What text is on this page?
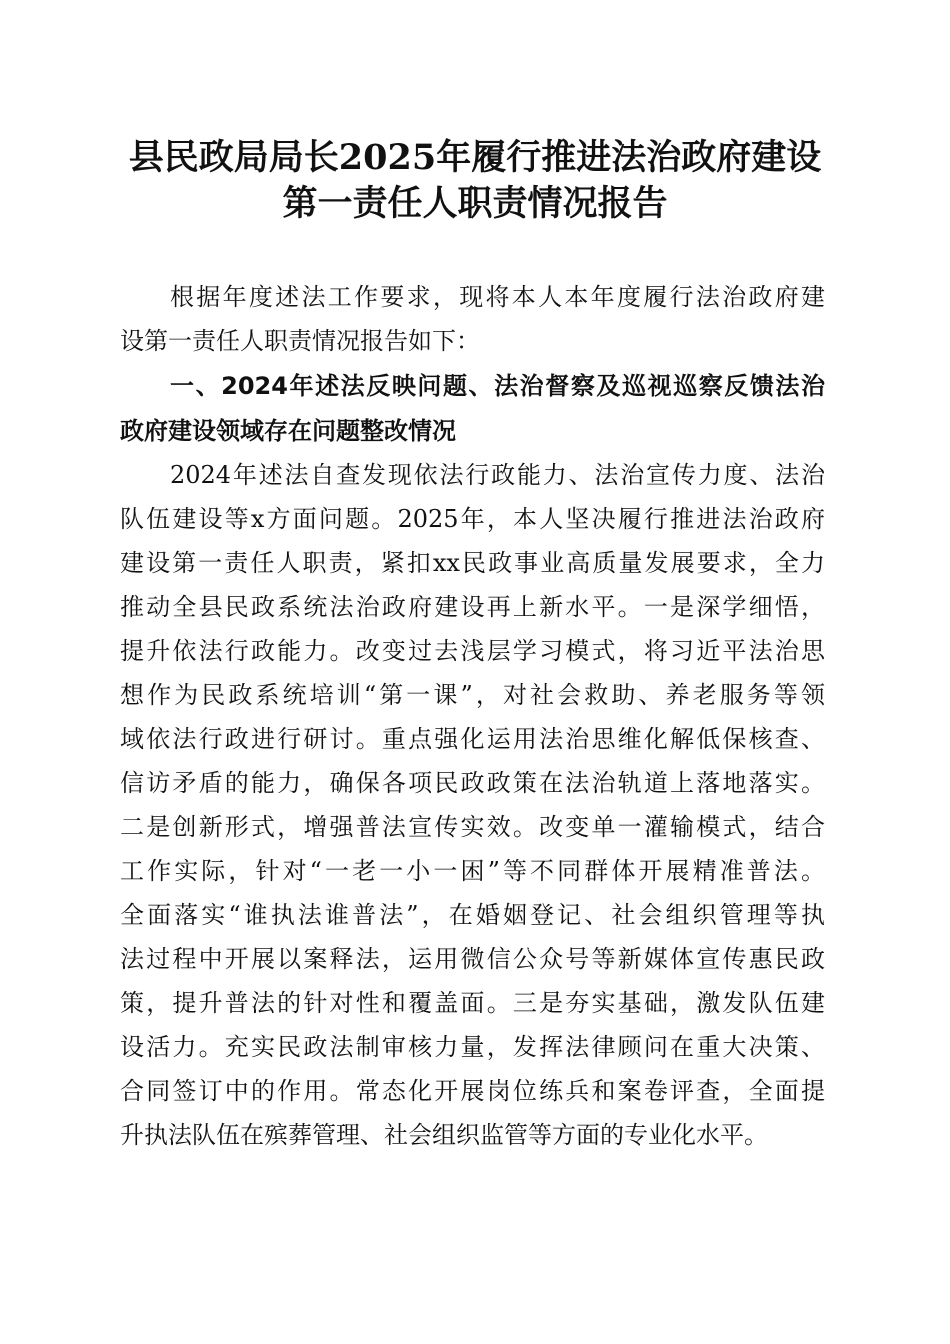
县民政局局长2025年履行推进法治政府建设
第一责任人职责情况报告
根据年度述法工作要求，现将本人本年度履行法治政府建
设第一责任人职责情况报告如下：
一、2024年述法反映问题、法治督察及巡视巡察反馈法治
政府建设领域存在问题整改情况
2024年述法自查发现依法行政能力、法治宣传力度、法治
队伍建设等x方面问题。2025年，本人坚决履行推进法治政府
建设第一责任人职责，紧扣xx民政事业高质量发展要求，全力
推动全县民政系统法治政府建设再上新水平。一是深学细悟，
提升依法行政能力。改变过去浅层学习模式，将习近平法治思
想作为民政系统培训“第一课”，对社会救助、养老服务等领
域依法行政进行研讨。重点强化运用法治思维化解低保核查、
信访矛盾的能力，确保各项民政政策在法治轨道上落地落实。
二是创新形式，增强普法宣传实效。改变单一灌输模式，结合
工作实际，针对“一老一小一困”等不同群体开展精准普法。
全面落实“谁执法谁普法”，在婚姻登记、社会组织管理等执
法过程中开展以案释法，运用微信公众号等新媒体宣传惠民政
策，提升普法的针对性和覆盖面。三是夯实基础，激发队伍建
设活力。充实民政法制审核力量，发挥法律顾问在重大决策、
合同签订中的作用。常态化开展岗位练兵和案卷评查，全面提
升执法队伍在殡葬管理、社会组织监管等方面的专业化水平。
